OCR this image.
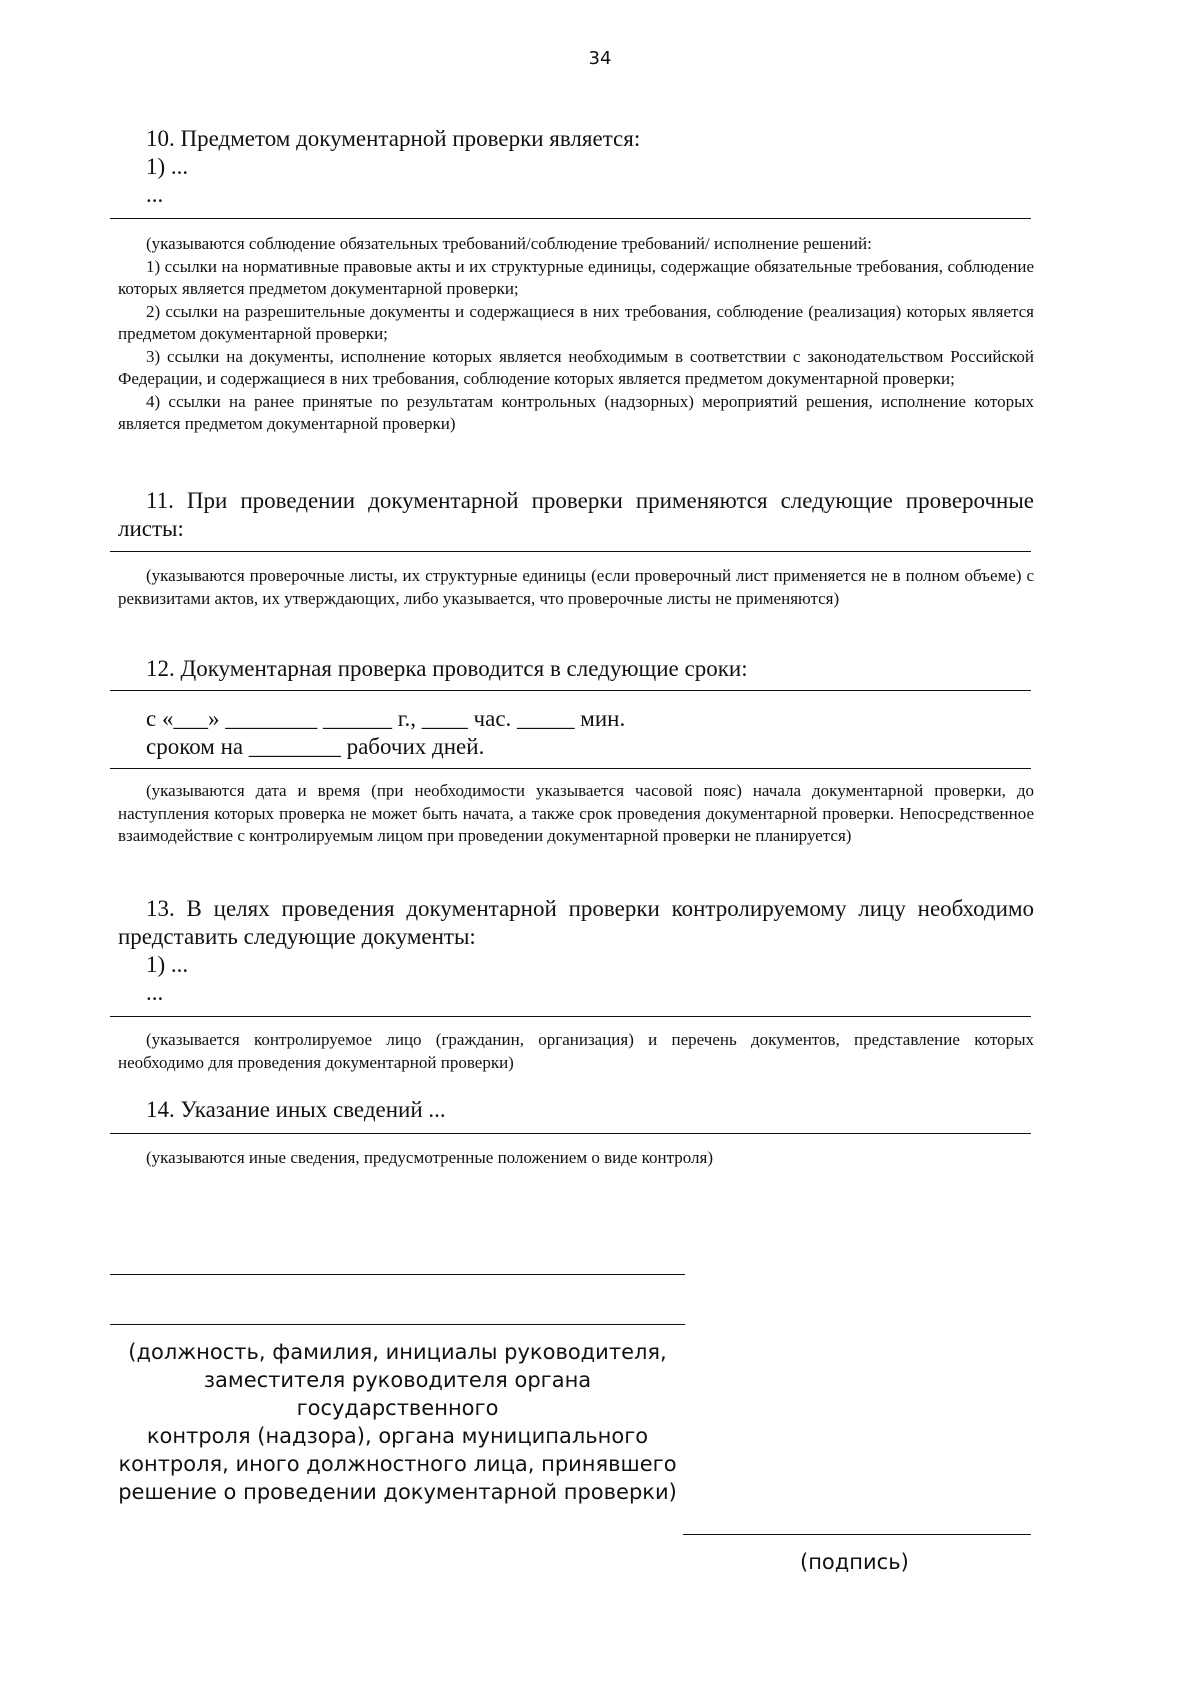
34

10. Предметом документарной проверки является:

1) ...

...

(указываются соблюдение обязательных требований/соблюдение требований/ исполнение решений:

1) ссылки на нормативные правовые акты и их структурные единицы, содержащие обязательные требования, соблюдение которых является предметом документарной проверки;

2) ссылки на разрешительные документы и содержащиеся в них требования, соблюдение (реализация) которых является предметом документарной проверки;

3) ссылки на документы, исполнение которых является необходимым в соответствии с законодательством Российской Федерации, и содержащиеся в них требования, соблюдение которых является предметом документарной проверки;

4) ссылки на ранее принятые по результатам контрольных (надзорных) мероприятий решения, исполнение которых является предметом документарной проверки)

11. При проведении документарной проверки применяются следующие проверочные листы:

(указываются проверочные листы, их структурные единицы (если проверочный лист применяется не в полном объеме) с реквизитами актов, их утверждающих, либо указывается, что проверочные листы не применяются)

12. Документарная проверка проводится в следующие сроки:

с «___» ________ ______ г., ____ час. _____ мин.

сроком на ________ рабочих дней.

(указываются дата и время (при необходимости указывается часовой пояс) начала документарной проверки, до наступления которых проверка не может быть начата, а также срок проведения документарной проверки. Непосредственное взаимодействие с контролируемым лицом при проведении документарной проверки не планируется)

13. В целях проведения документарной проверки контролируемому лицу необходимо представить следующие документы:

1) ...

...

(указывается контролируемое лицо (гражданин, организация) и перечень документов, представление которых необходимо для проведения документарной проверки)

14. Указание иных сведений ...

(указываются иные сведения, предусмотренные положением о виде контроля)

(должность, фамилия, инициалы руководителя,

заместителя руководителя органа государственного

контроля (надзора), органа муниципального

контроля, иного должностного лица, принявшего

решение о проведении документарной проверки)

(подпись)
